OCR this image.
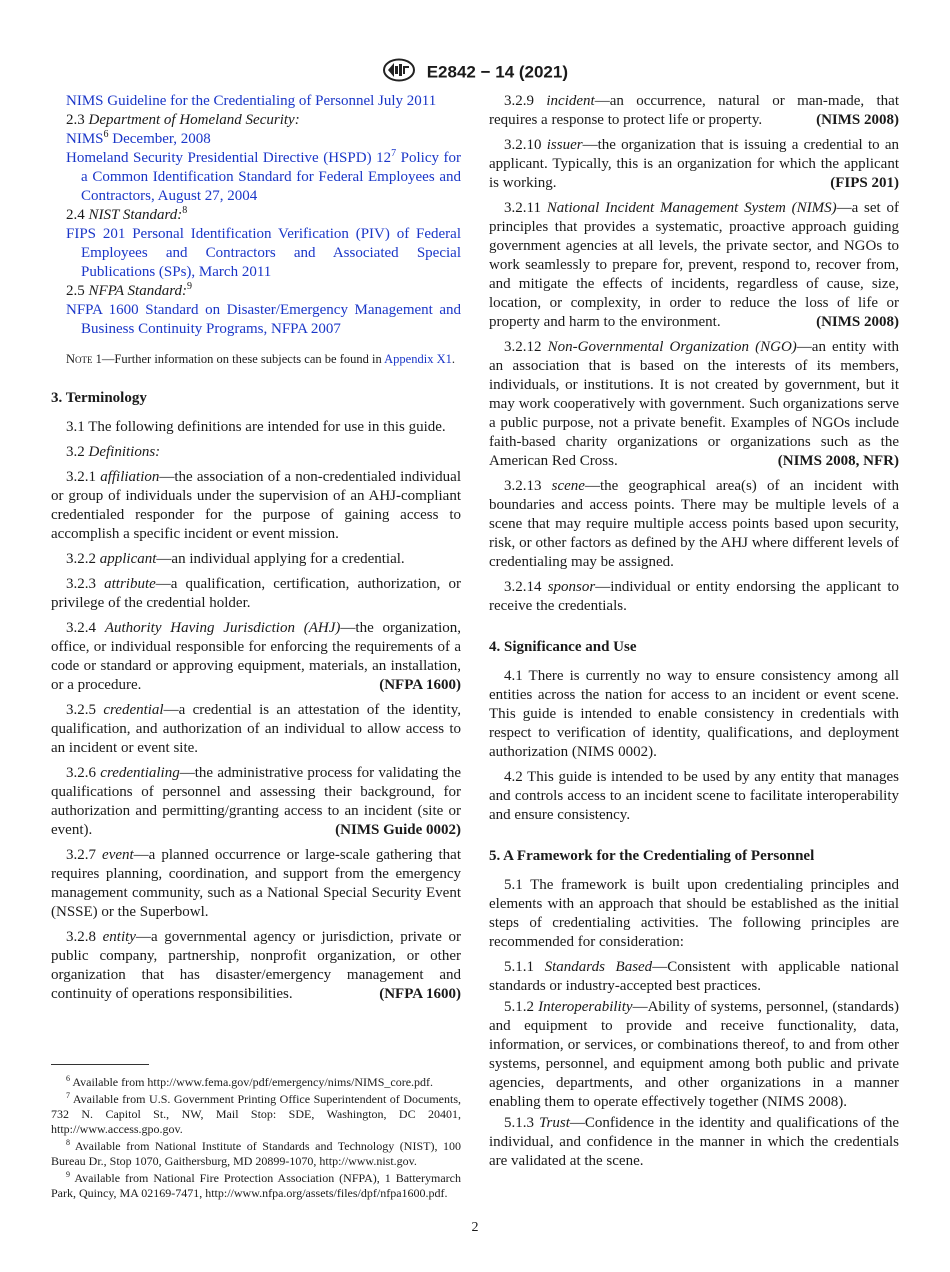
E2842 − 14 (2021)

NIMS Guideline for the Credentialing of Personnel July 2011

2.3 Department of Homeland Security:

NIMS$^6$ December, 2008

Homeland Security Presidential Directive (HSPD) $12^7$ Policy for a Common Identification Standard for Federal Employees and Contractors, August 27, 2004

2.4 NIST Standard:$^8$

FIPS 201 Personal Identification Verification (PIV) of Federal Employees and Contractors and Associated Special Publications (SPs), March 2011

2.5 NFPA Standard:$^9$

NFPA 1600 Standard on Disaster/Emergency Management and Business Continuity Programs, NFPA 2007

Note 1—Further information on these subjects can be found in Appendix X1.

3. Terminology

3.1 The following definitions are intended for use in this guide.

3.2 Definitions:

3.2.1 affiliation—the association of a non-credentialed individual or group of individuals under the supervision of an AHJ-compliant credentialed responder for the purpose of gaining access to accomplish a specific incident or event mission.

3.2.2 applicant—an individual applying for a credential.

3.2.3 attribute—a qualification, certification, authorization, or privilege of the credential holder.

3.2.4 Authority Having Jurisdiction (AHJ)—the organization, office, or individual responsible for enforcing the requirements of a code or standard or approving equipment, materials, an installation, or a procedure.	(NFPA 1600)

3.2.5 credential—a credential is an attestation of the identity, qualification, and authorization of an individual to allow access to an incident or event site.

3.2.6 credentialing—the administrative process for validating the qualifications of personnel and assessing their background, for authorization and permitting/granting access to an incident (site or event).	(NIMS Guide 0002)

3.2.7 event—a planned occurrence or large-scale gathering that requires planning, coordination, and support from the emergency management community, such as a National Special Security Event (NSSE) or the Superbowl.

3.2.8 entity—a governmental agency or jurisdiction, private or public company, partnership, nonprofit organization, or other organization that has disaster/emergency management and continuity of operations responsibilities.	(NFPA 1600)

3.2.9 incident—an occurrence, natural or man-made, that requires a response to protect life or property.	(NIMS 2008)

3.2.10 issuer—the organization that is issuing a credential to an applicant. Typically, this is an organization for which the applicant is working.	(FIPS 201)

3.2.11 National Incident Management System (NIMS)—a set of principles that provides a systematic, proactive approach guiding government agencies at all levels, the private sector, and NGOs to work seamlessly to prepare for, prevent, respond to, recover from, and mitigate the effects of incidents, regardless of cause, size, location, or complexity, in order to reduce the loss of life or property and harm to the environment.	(NIMS 2008)

3.2.12 Non-Governmental Organization (NGO)—an entity with an association that is based on the interests of its members, individuals, or institutions. It is not created by government, but it may work cooperatively with government. Such organizations serve a public purpose, not a private benefit. Examples of NGOs include faith-based charity organizations or organizations such as the American Red Cross.	(NIMS 2008, NFR)

3.2.13 scene—the geographical area(s) of an incident with boundaries and access points. There may be multiple levels of a scene that may require multiple access points based upon security, risk, or other factors as defined by the AHJ where different levels of credentialing may be assigned.

3.2.14 sponsor—individual or entity endorsing the applicant to receive the credentials.

4. Significance and Use

4.1 There is currently no way to ensure consistency among all entities across the nation for access to an incident or event scene. This guide is intended to enable consistency in credentials with respect to verification of identity, qualifications, and deployment authorization (NIMS 0002).

4.2 This guide is intended to be used by any entity that manages and controls access to an incident scene to facilitate interoperability and ensure consistency.

5. A Framework for the Credentialing of Personnel

5.1 The framework is built upon credentialing principles and elements with an approach that should be established as the initial steps of credentialing activities. The following principles are recommended for consideration:

5.1.1 Standards Based—Consistent with applicable national standards or industry-accepted best practices.

5.1.2 Interoperability—Ability of systems, personnel, (standards) and equipment to provide and receive functionality, data, information, or services, or combinations thereof, to and from other systems, personnel, and equipment among both public and private agencies, departments, and other organizations in a manner enabling them to operate effectively together (NIMS 2008).

5.1.3 Trust—Confidence in the identity and qualifications of the individual, and confidence in the manner in which the credentials are validated at the scene.

$^6$ Available from http://www.fema.gov/pdf/emergency/nims/NIMS_core.pdf.

$^7$ Available from U.S. Government Printing Office Superintendent of Documents, 732 N. Capitol St., NW, Mail Stop: SDE, Washington, DC 20401, http://www.access.gpo.gov.

$^8$ Available from National Institute of Standards and Technology (NIST), 100 Bureau Dr., Stop 1070, Gaithersburg, MD 20899-1070, http://www.nist.gov.

$^9$ Available from National Fire Protection Association (NFPA), 1 Batterymarch Park, Quincy, MA 02169-7471, http://www.nfpa.org/assets/files/dpf/nfpa1600.pdf.

2
